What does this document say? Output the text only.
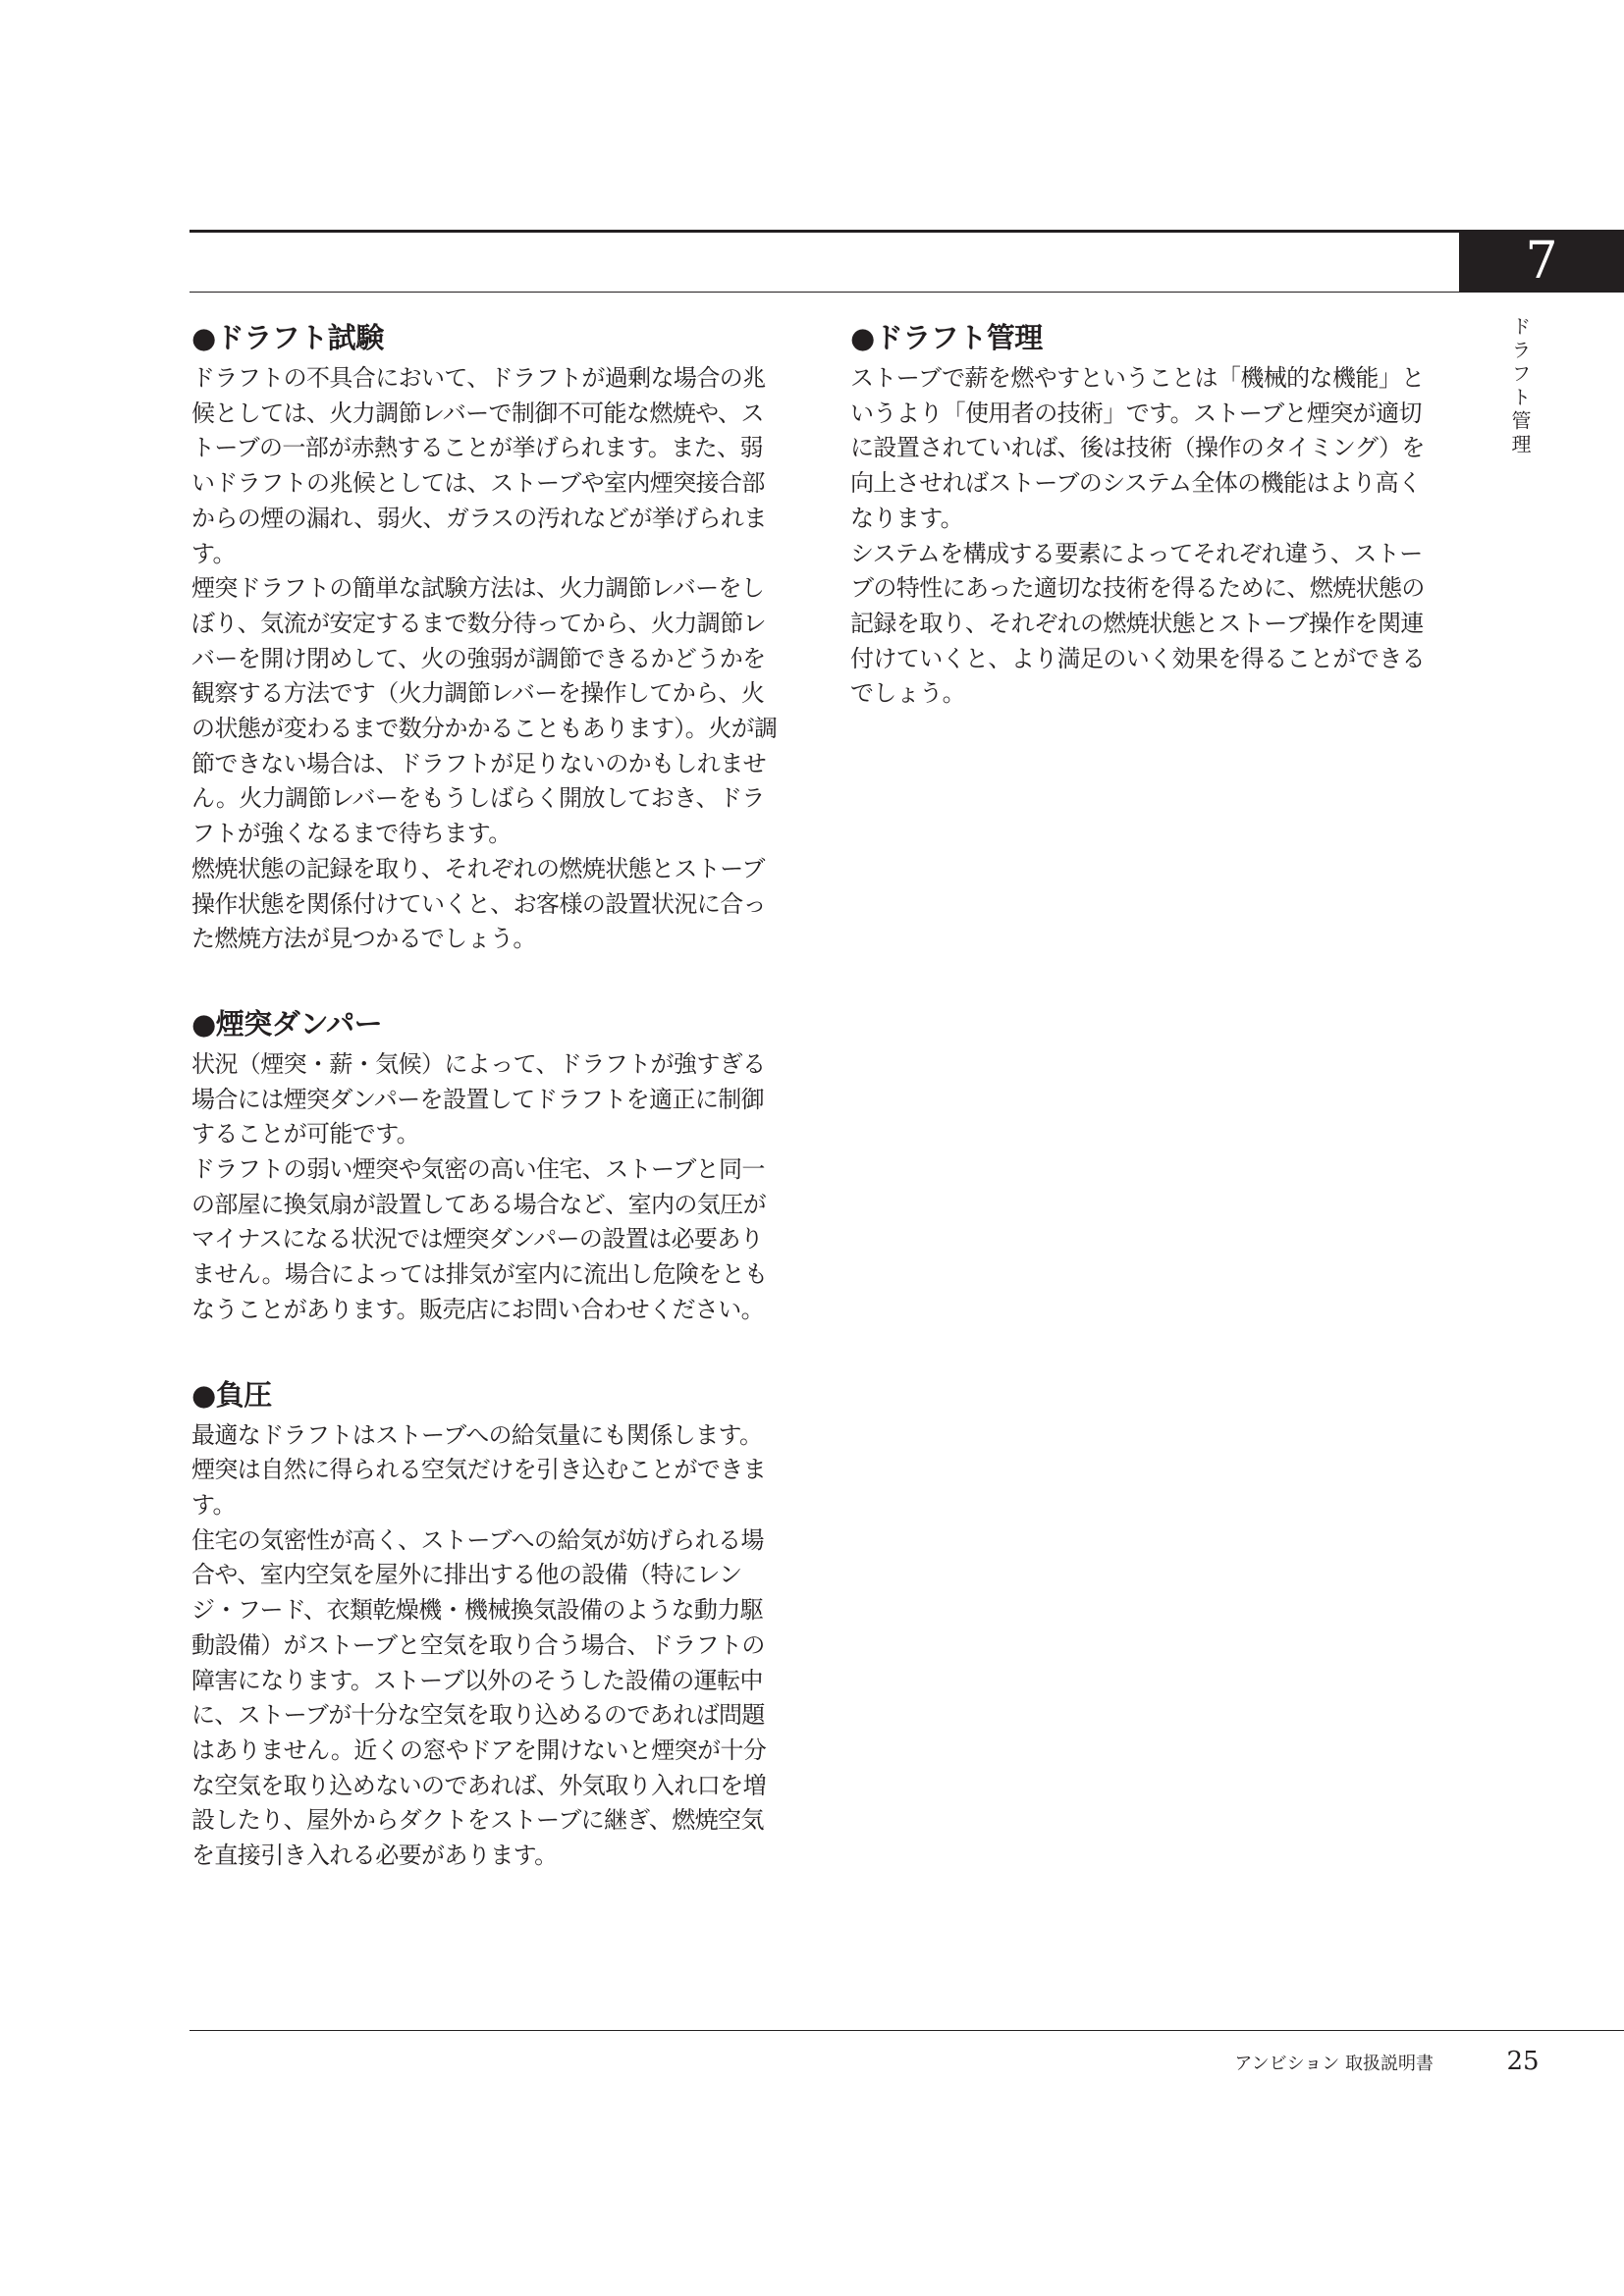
7
ドラフト管理
●ドラフト試験

ドラフトの不具合において、ドラフトが過剰な場合の兆候としては、火力調節レバーで制御不可能な燃焼や、ストーブの一部が赤熱することが挙げられます。また、弱いドラフトの兆候としては、ストーブや室内煙突接合部からの煙の漏れ、弱火、ガラスの汚れなどが挙げられます。

煙突ドラフトの簡単な試験方法は、火力調節レバーをしぼり、気流が安定するまで数分待ってから、火力調節レバーを開け閉めして、火の強弱が調節できるかどうかを観察する方法です（火力調節レバーを操作してから、火の状態が変わるまで数分かかることもあります）。火が調節できない場合は、ドラフトが足りないのかもしれません。火力調節レバーをもうしばらく開放しておき、ドラフトが強くなるまで待ちます。

燃焼状態の記録を取り、それぞれの燃焼状態とストーブ操作状態を関係付けていくと、お客様の設置状況に合った燃焼方法が見つかるでしょう。

●煙突ダンパー

状況（煙突・薪・気候）によって、ドラフトが強すぎる場合には煙突ダンパーを設置してドラフトを適正に制御することが可能です。

ドラフトの弱い煙突や気密の高い住宅、ストーブと同一の部屋に換気扇が設置してある場合など、室内の気圧がマイナスになる状況では煙突ダンパーの設置は必要ありません。場合によっては排気が室内に流出し危険をともなうことがあります。販売店にお問い合わせください。

●負圧

最適なドラフトはストーブへの給気量にも関係します。煙突は自然に得られる空気だけを引き込むことができます。

住宅の気密性が高く、ストーブへの給気が妨げられる場合や、室内空気を屋外に排出する他の設備（特にレンジ・フード、衣類乾燥機・機械換気設備のような動力駆動設備）がストーブと空気を取り合う場合、ドラフトの障害になります。ストーブ以外のそうした設備の運転中に、ストーブが十分な空気を取り込めるのであれば問題はありません。近くの窓やドアを開けないと煙突が十分な空気を取り込めないのであれば、外気取り入れ口を増設したり、屋外からダクトをストーブに継ぎ、燃焼空気を直接引き入れる必要があります。

●ドラフト管理

ストーブで薪を燃やすということは「機械的な機能」というより「使用者の技術」です。ストーブと煙突が適切に設置されていれば、後は技術（操作のタイミング）を向上させればストーブのシステム全体の機能はより高くなります。

システムを構成する要素によってそれぞれ違う、ストーブの特性にあった適切な技術を得るために、燃焼状態の記録を取り、それぞれの燃焼状態とストーブ操作を関連付けていくと、より満足のいく効果を得ることができるでしょう。

アンビション 取扱説明書	25
